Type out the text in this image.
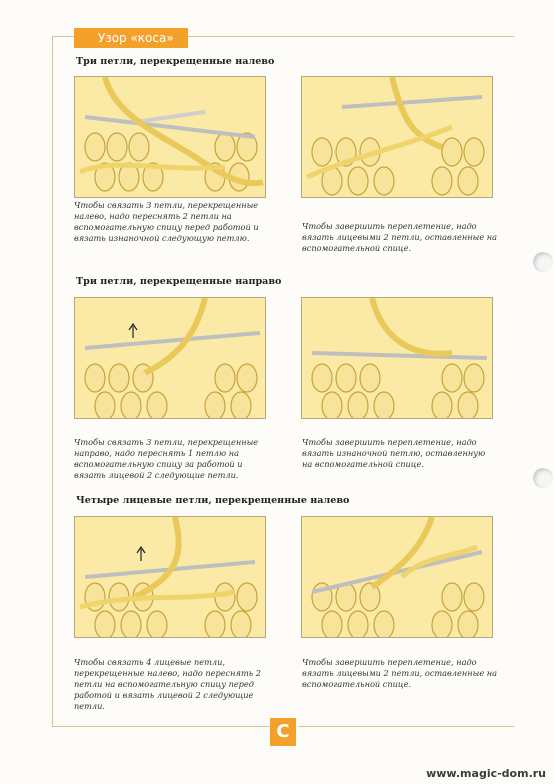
Узор «коса»
Три петли, перекрещенные налево
Чтобы связать 3 петли, перекрещенные налево, надо переснять 2 петли на вспомогательную спицу перед работой и вязать изнаночной следующую петлю.
Чтобы завершить переплетение, надо вязать лицевыми 2 петли, оставленные на вспомогательной спице.
Три петли, перекрещенные направо
Чтобы связать 3 петли, перекрещенные направо, надо переснять 1 петлю на вспомогательную спицу за работой и вязать лицевой 2 следующие петли.
Чтобы завершить переплетение, надо вязать изнаночной петлю, оставленную на вспомогательной спице.
Четыре лицевые петли, перекрещенные налево
Чтобы связать 4 лицевые петли, перекрещенные налево, надо переснять 2 петли на вспомогательную спицу перед работой и вязать лицевой 2 следующие петли.
Чтобы завершить переплетение, надо вязать лицевыми 2 петли, оставленные на вспомогательной спице.
C
www.magic-dom.ru
